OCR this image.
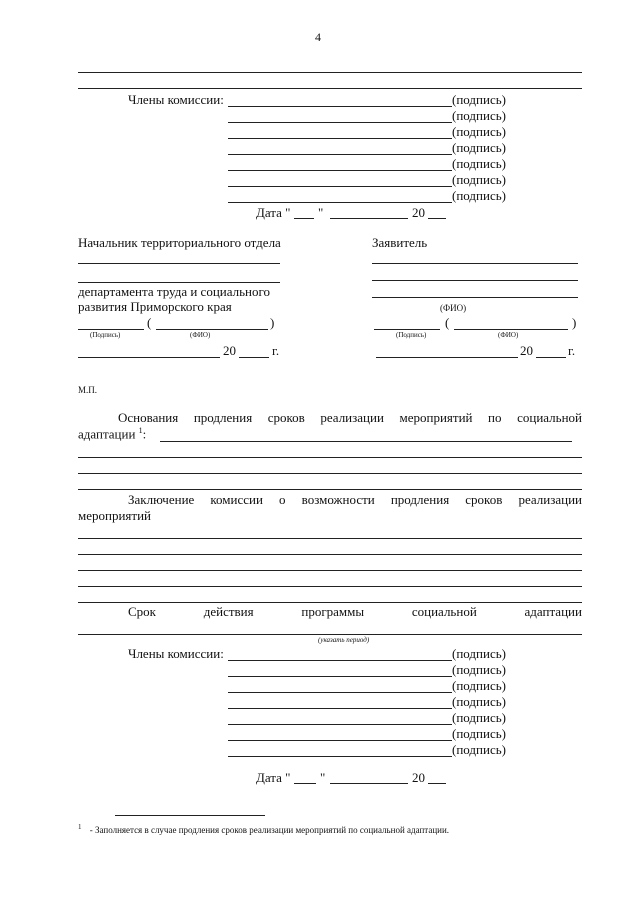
4
Члены комиссии:	(подпись)
(подпись)
(подпись)
(подпись)
(подпись)
(подпись)
(подпись)
Дата " "	20
Начальник территориального отдела
департамента труда и социального
развития Приморского края
(	)
(Подпись)	(ФИО)
20	г.
Заявитель
(ФИО)
(	)
(Подпись)	(ФИО)
20	г.
М.П.
Основания продления сроков реализации мероприятий по социальной
адаптации $^1$:
Заключение комиссии о возможности продления сроков реализации
мероприятий
Срок	действия	программы	социальной	адаптации
(указать период)
Члены комиссии:	(подпись)
(подпись)
(подпись)
(подпись)
(подпись)
(подпись)
(подпись)
Дата " "	20
$^1$ - Заполняется в случае продления сроков реализации мероприятий по социальной адаптации.
